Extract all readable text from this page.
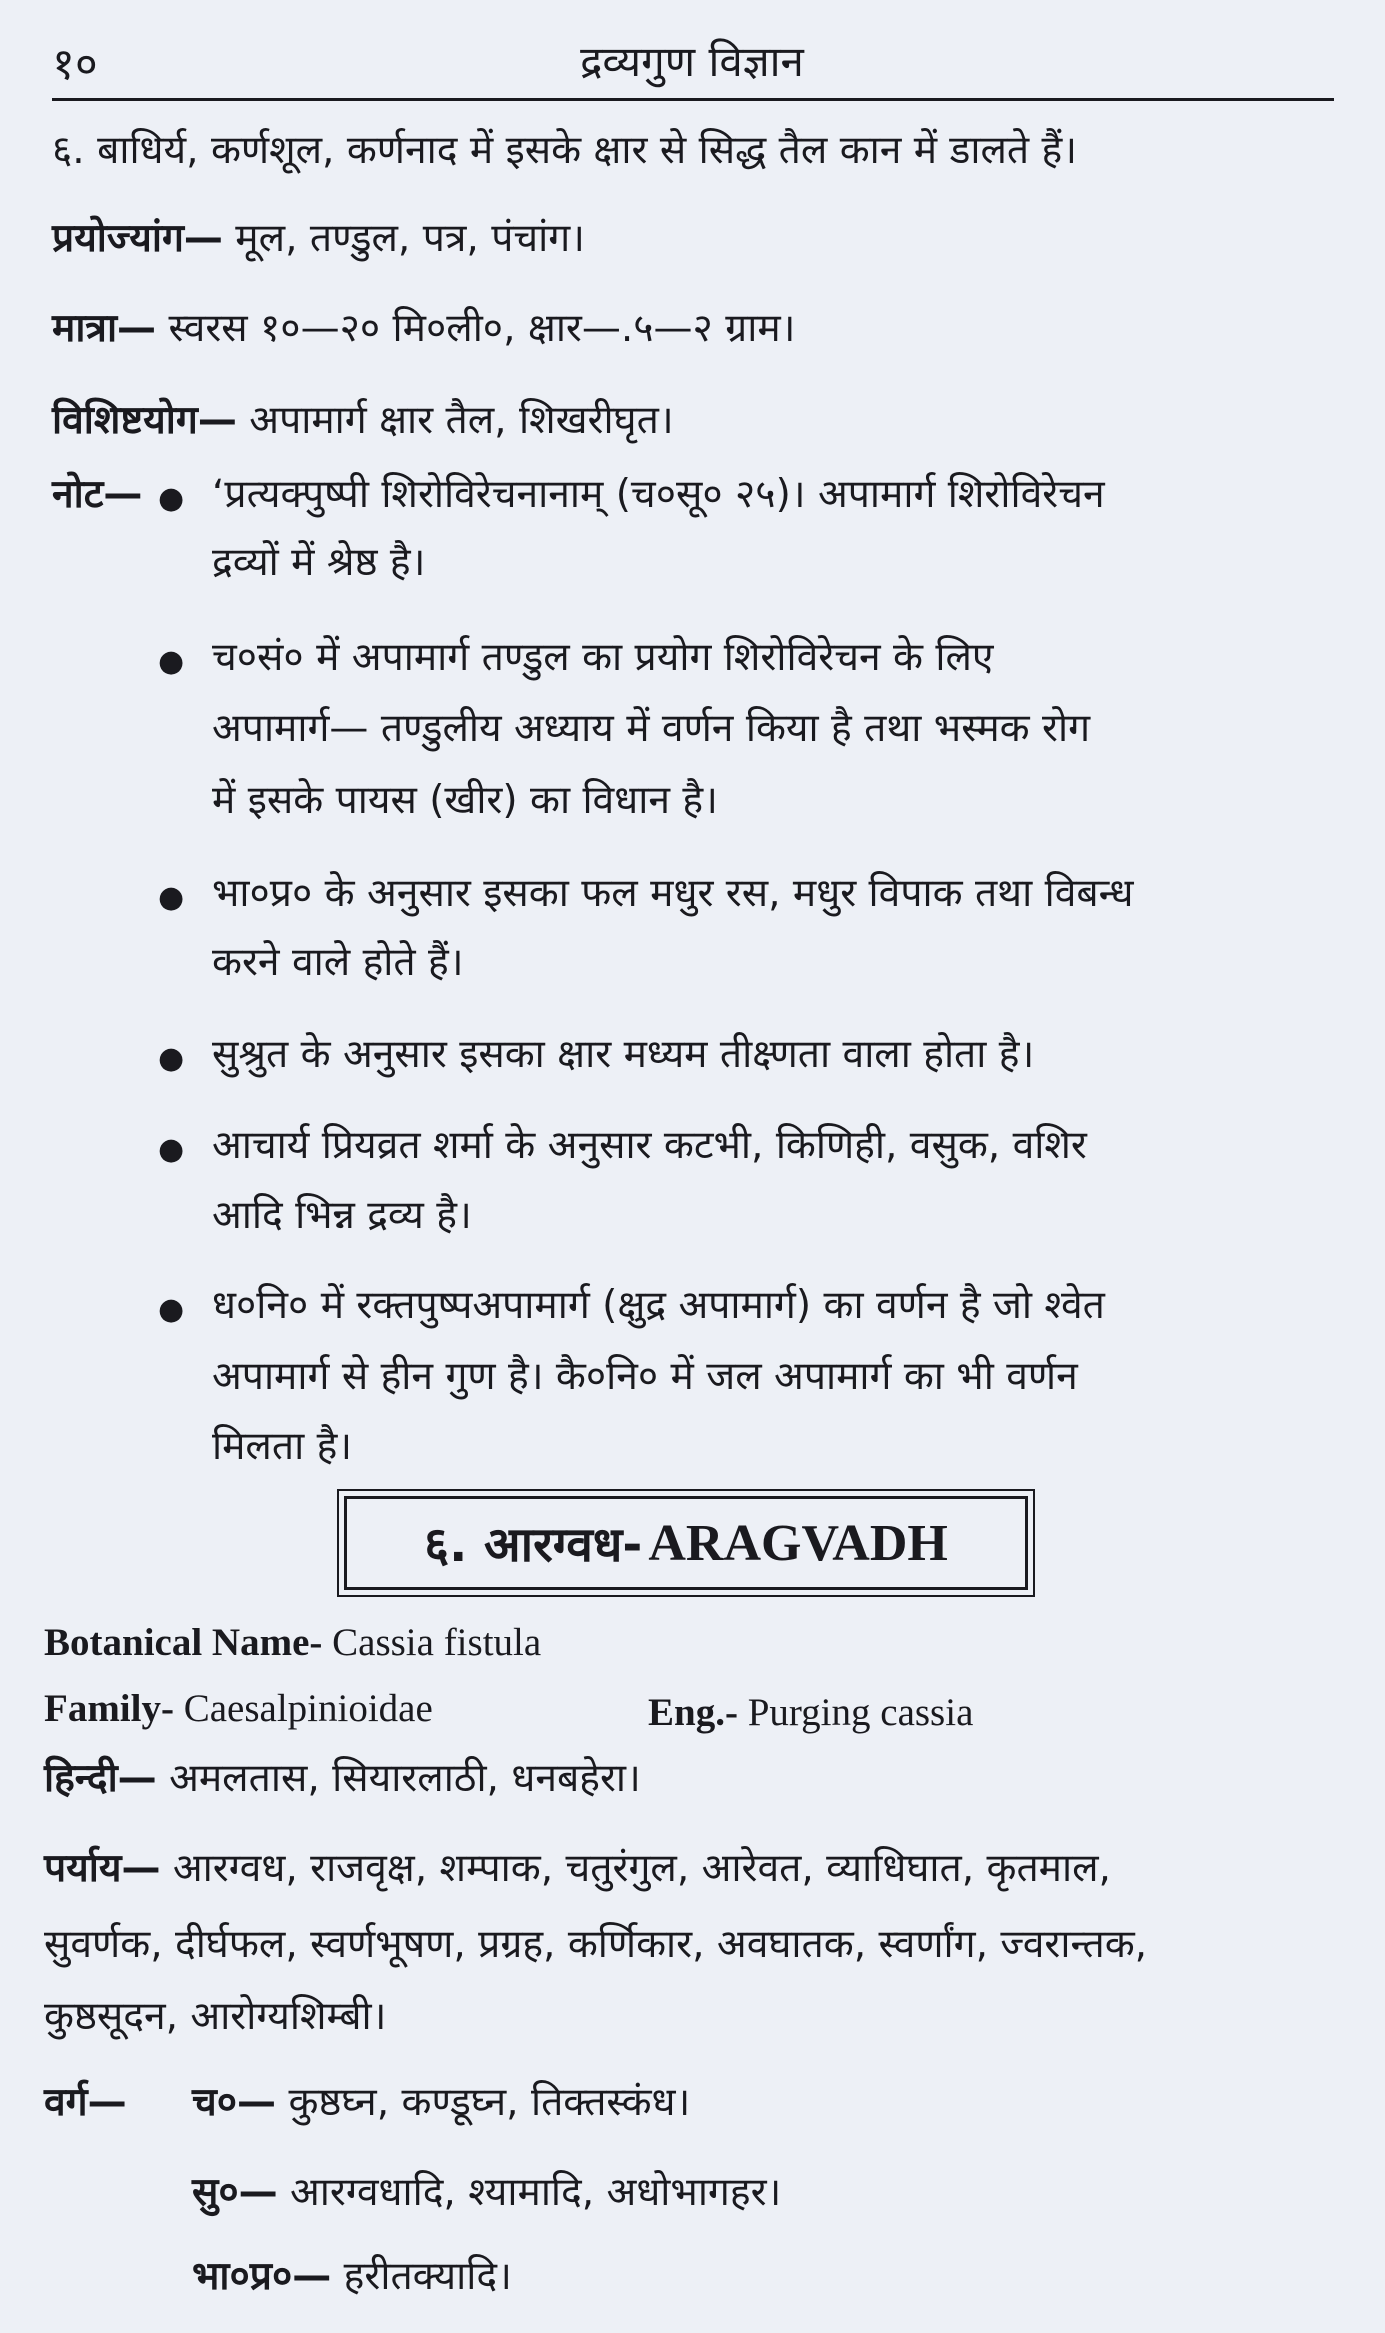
१०	द्रव्यगुण विज्ञान
६. बाधिर्य, कर्णशूल, कर्णनाद में इसके क्षार से सिद्ध तैल कान में डालते हैं।
प्रयोज्यांग— मूल, तण्डुल, पत्र, पंचांग।
मात्रा— स्वरस १०—२० मि०ली०, क्षार—.५—२ ग्राम।
विशिष्टयोग— अपामार्ग क्षार तैल, शिखरीघृत।
नोट— ● ‘प्रत्यक्पुष्पी शिरोविरेचनानाम्‌ (च०सू० २५)। अपामार्ग शिरोविरेचन
द्रव्यों में श्रेष्ठ है।
● च०सं० में अपामार्ग तण्डुल का प्रयोग शिरोविरेचन के लिए
अपामार्ग— तण्डुलीय अध्याय में वर्णन किया है तथा भस्मक रोग
में इसके पायस (खीर) का विधान है।
● भा०प्र० के अनुसार इसका फल मधुर रस, मधुर विपाक तथा विबन्ध
करने वाले होते हैं।
● सुश्रुत के अनुसार इसका क्षार मध्यम तीक्ष्णता वाला होता है।
● आचार्य प्रियव्रत शर्मा के अनुसार कटभी, किणिही, वसुक, वशिर
आदि भिन्न द्रव्य है।
● ध०नि० में रक्तपुष्पअपामार्ग (क्षुद्र अपामार्ग) का वर्णन है जो श्वेत
अपामार्ग से हीन गुण है। कै०नि० में जल अपामार्ग का भी वर्णन
मिलता है।
६. आरग्वध- ARAGVADH
Botanical Name- Cassia fistula
Family- Caesalpinioidae	Eng.- Purging cassia
हिन्दी— अमलतास, सियारलाठी, धनबहेरा।
पर्याय— आरग्वध, राजवृक्ष, शम्पाक, चतुरंगुल, आरेवत, व्याधिघात, कृतमाल,
सुवर्णक, दीर्घफल, स्वर्णभूषण, प्रग्रह, कर्णिकार, अवघातक, स्वर्णांग, ज्वरान्तक,
कुष्ठसूदन, आरोग्यशिम्बी।
वर्ग— च०— कुष्ठघ्न, कण्डूघ्न, तिक्तस्कंध।
सु०— आरग्वधादि, श्यामादि, अधोभागहर।
भा०प्र०— हरीतक्यादि।
